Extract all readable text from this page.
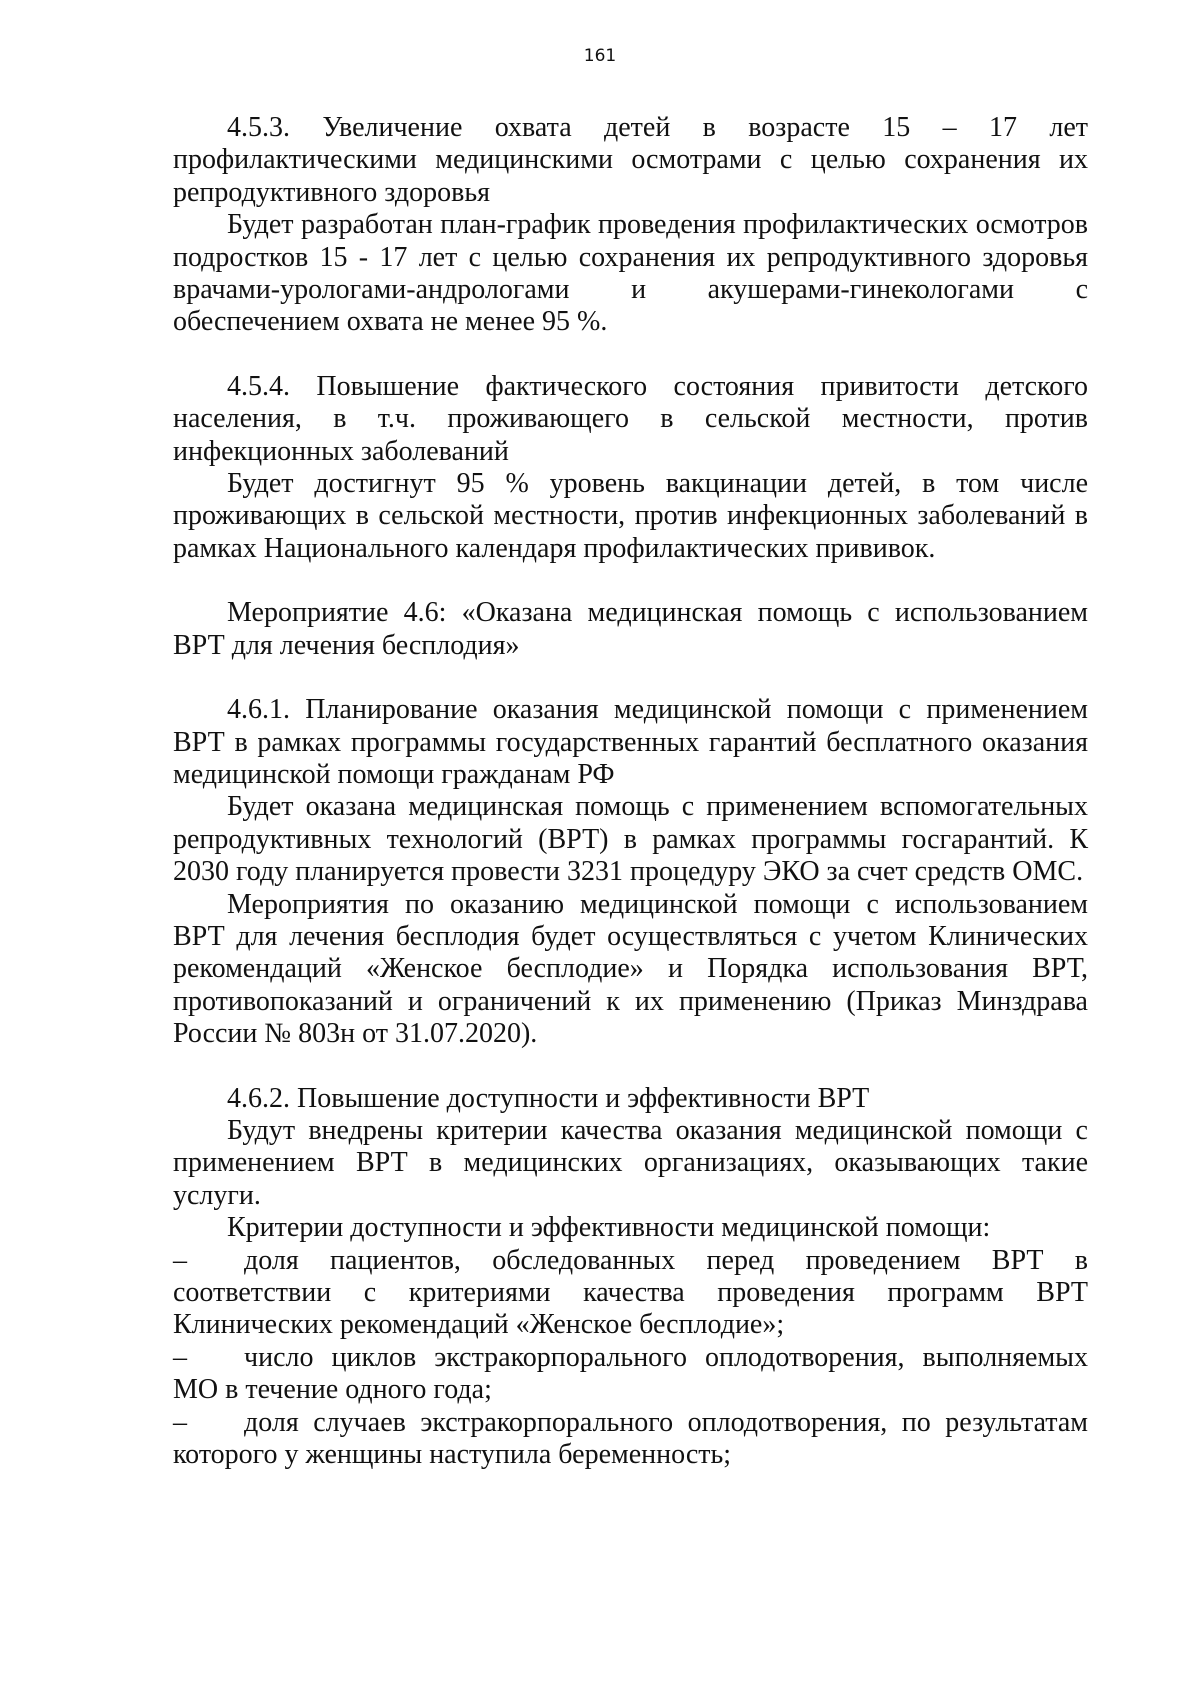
161

4.5.3. Увеличение охвата детей в возрасте 15 – 17 лет профилактическими медицинскими осмотрами с целью сохранения их репродуктивного здоровья

Будет разработан план-график проведения профилактических осмотров подростков 15 - 17 лет с целью сохранения их репродуктивного здоровья врачами-урологами-андрологами и акушерами-гинекологами с обеспечением охвата не менее 95 %.

4.5.4. Повышение фактического состояния привитости детского населения, в т.ч. проживающего в сельской местности, против инфекционных заболеваний

Будет достигнут 95 % уровень вакцинации детей, в том числе проживающих в сельской местности, против инфекционных заболеваний в рамках Национального календаря профилактических прививок.

Мероприятие 4.6: «Оказана медицинская помощь с использованием ВРТ для лечения бесплодия»

4.6.1. Планирование оказания медицинской помощи с применением ВРТ в рамках программы государственных гарантий бесплатного оказания медицинской помощи гражданам РФ

Будет оказана медицинская помощь с применением вспомогательных репродуктивных технологий (ВРТ) в рамках программы госгарантий. К 2030 году планируется провести 3231 процедуру ЭКО за счет средств ОМС.

Мероприятия по оказанию медицинской помощи с использованием ВРТ для лечения бесплодия будет осуществляться с учетом Клинических рекомендаций «Женское бесплодие» и Порядка использования ВРТ, противопоказаний и ограничений к их применению (Приказ Минздрава России № 803н от 31.07.2020).

4.6.2. Повышение доступности и эффективности ВРТ

Будут внедрены критерии качества оказания медицинской помощи с применением ВРТ в медицинских организациях, оказывающих такие услуги.

Критерии доступности и эффективности медицинской помощи:

– доля пациентов, обследованных перед проведением ВРТ в соответствии с критериями качества проведения программ ВРТ Клинических рекомендаций «Женское бесплодие»;

– число циклов экстракорпорального оплодотворения, выполняемых МО в течение одного года;

– доля случаев экстракорпорального оплодотворения, по результатам которого у женщины наступила беременность;
